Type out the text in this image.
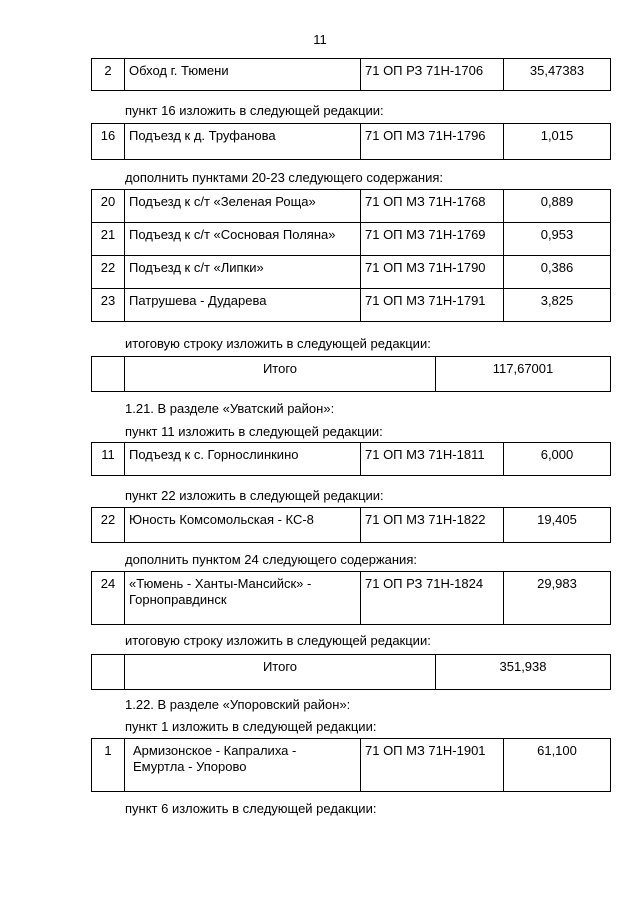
11
2	Обход г. Тюмени	71 ОП РЗ 71Н-1706	35,47383
пункт 16 изложить в следующей редакции:
16	Подъезд к д. Труфанова	71 ОП МЗ 71Н-1796	1,015
дополнить пунктами 20-23 следующего содержания:
20	Подъезд к с/т «Зеленая Роща»	71 ОП МЗ 71Н-1768	0,889
21	Подъезд к с/т «Сосновая Поляна»	71 ОП МЗ 71Н-1769	0,953
22	Подъезд к с/т «Липки»	71 ОП МЗ 71Н-1790	0,386
23	Патрушева - Дударева	71 ОП МЗ 71Н-1791	3,825
итоговую строку изложить в следующей редакции:
	Итого	117,67001
1.21. В разделе «Уватский район»:
пункт 11 изложить в следующей редакции:
11	Подъезд к с. Горнослинкино	71 ОП МЗ 71Н-1811	6,000
пункт 22 изложить в следующей редакции:
22	Юность Комсомольская - КС-8	71 ОП МЗ 71Н-1822	19,405
дополнить пунктом 24 следующего содержания:
24	«Тюмень - Ханты-Мансийск» -
Горноправдинск	71 ОП РЗ 71Н-1824	29,983
итоговую строку изложить в следующей редакции:
	Итого	351,938
1.22. В разделе «Упоровский район»:
пункт 1 изложить в следующей редакции:
1	Армизонское - Капралиха -
Емуртла - Упорово	71 ОП МЗ 71Н-1901	61,100
пункт 6 изложить в следующей редакции:
